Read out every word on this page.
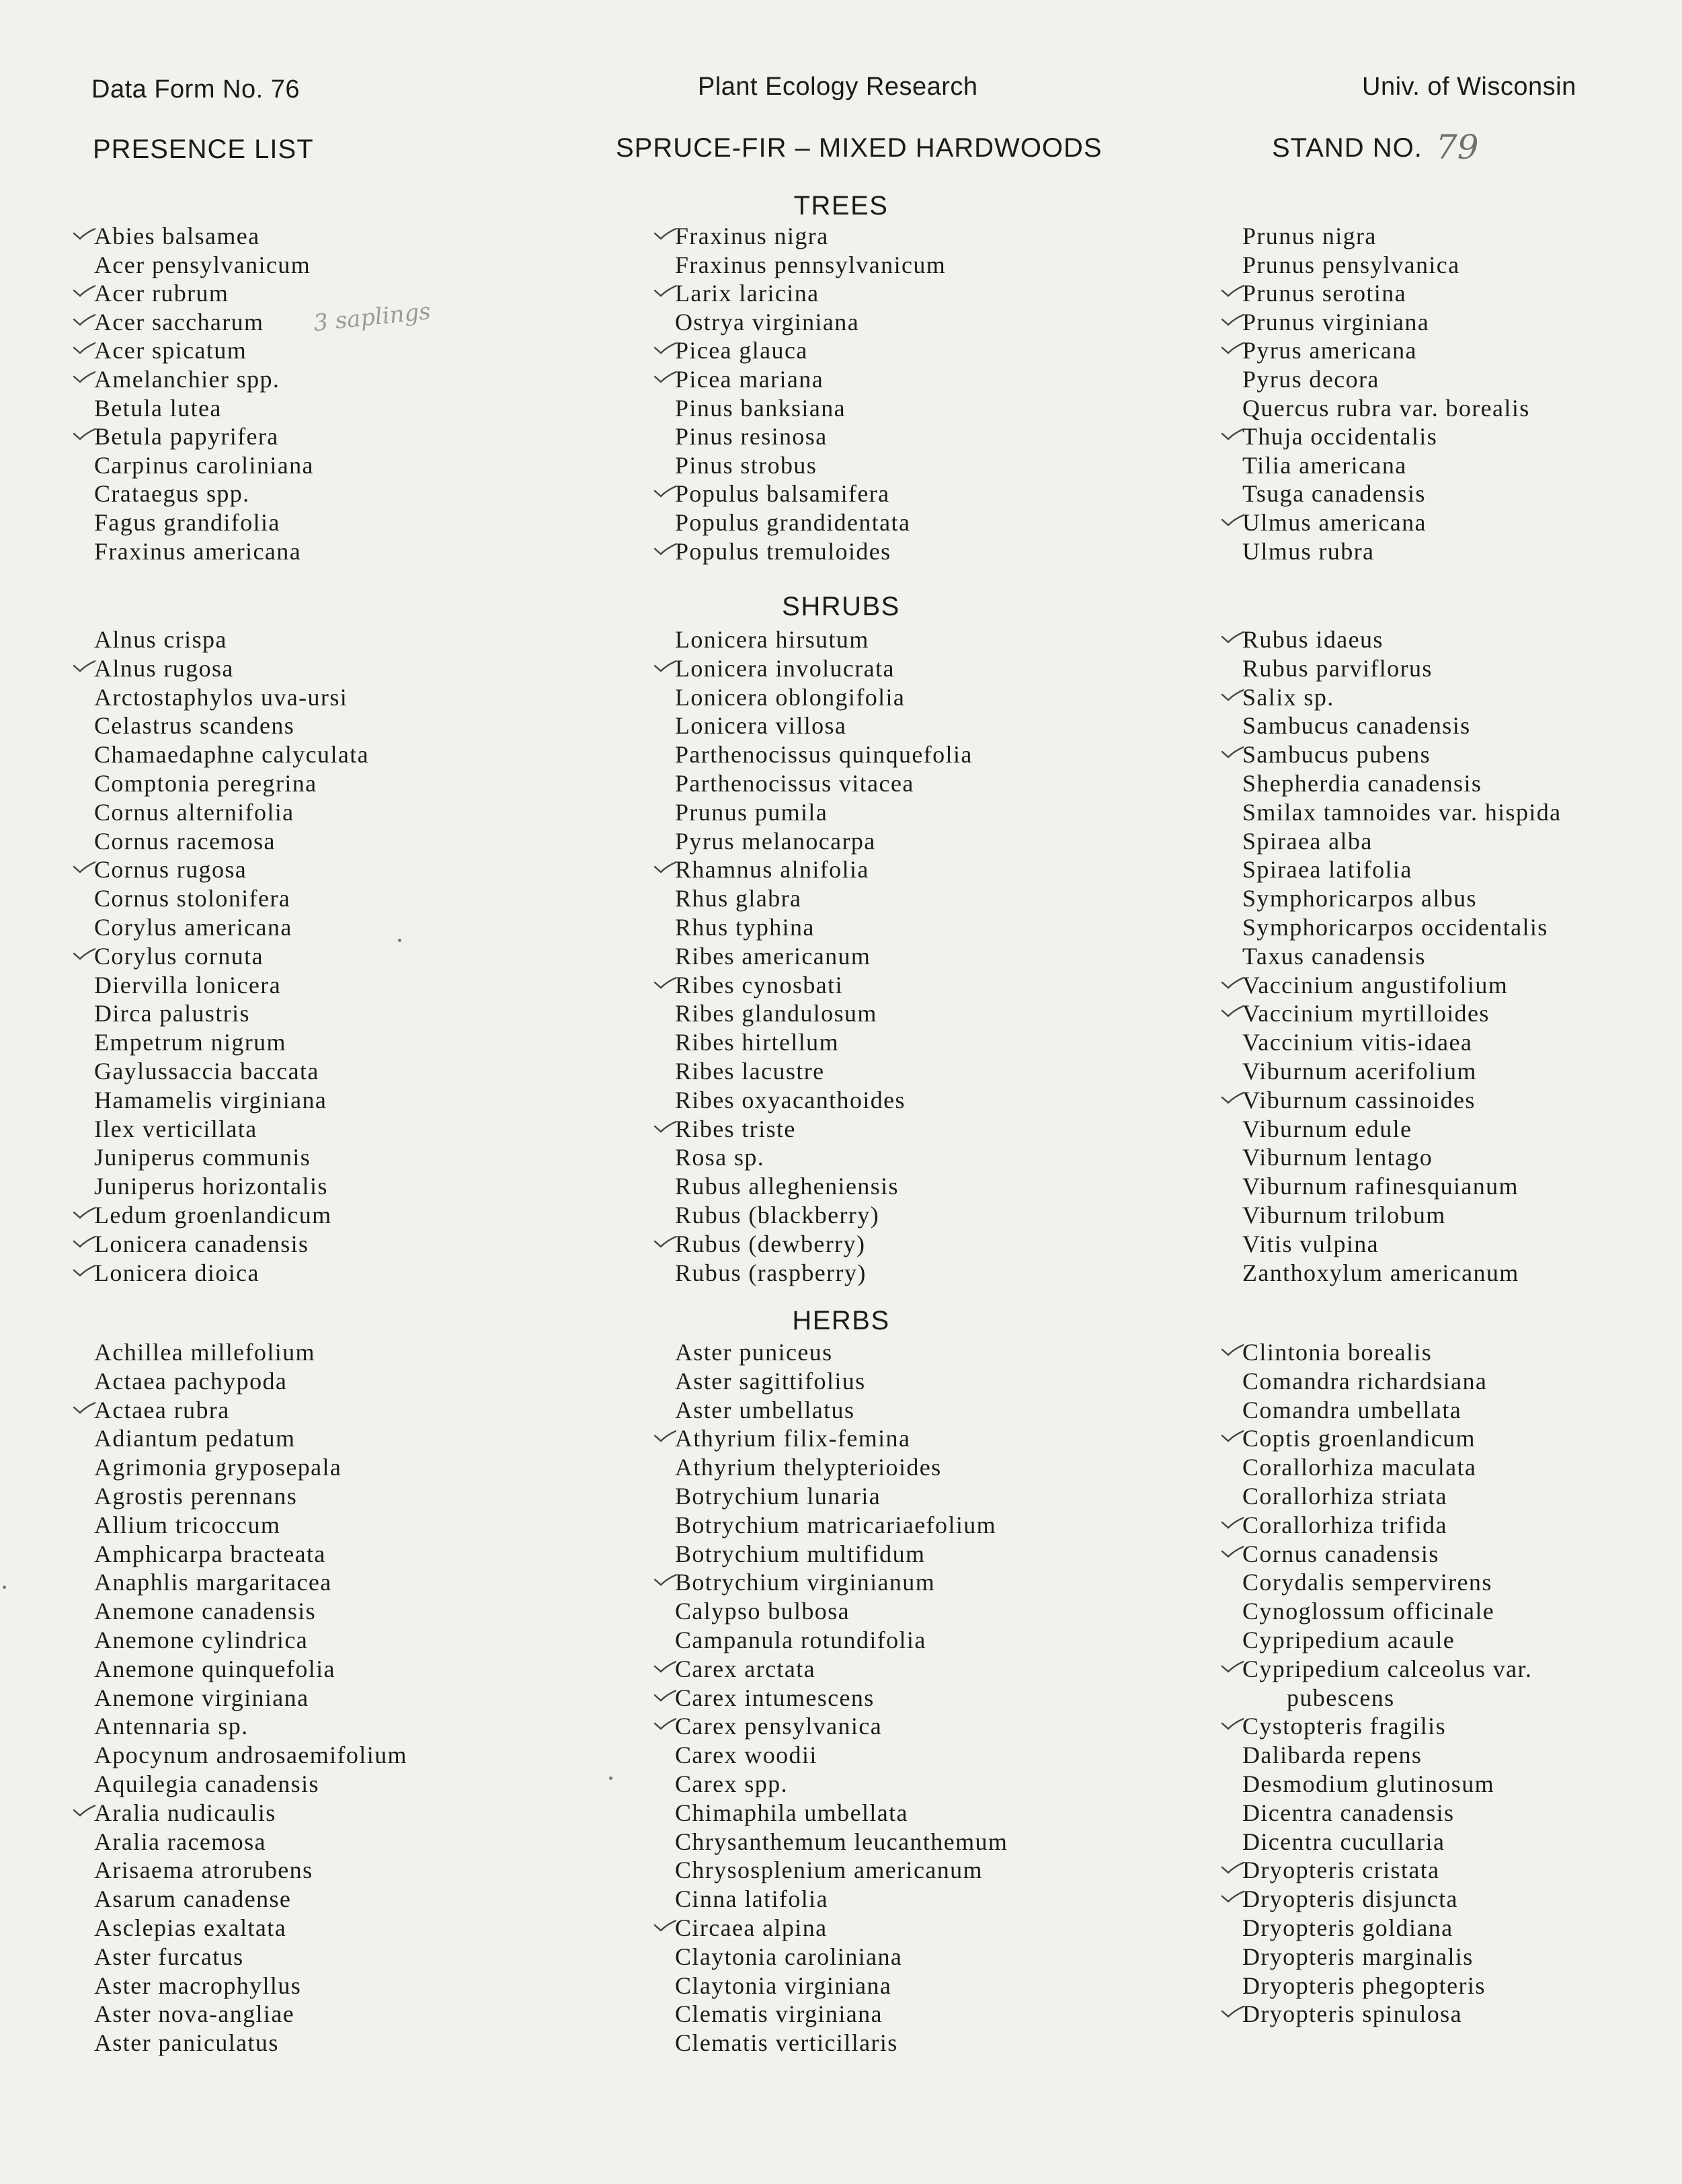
Data Form No. 76	Plant Ecology Research	Univ. of Wisconsin
PRESENCE LIST	SPRUCE-FIR – MIXED HARDWOODS	STAND NO. 79
TREES
SHRUBS
HERBS
Abies balsamea
Acer pensylvanicum
Acer rubrum
Acer saccharum
Acer spicatum
Amelanchier spp.
Betula lutea
Betula papyrifera
Carpinus caroliniana
Crataegus spp.
Fagus grandifolia
Fraxinus americana
Fraxinus nigra
Fraxinus pennsylvanicum
Larix laricina
Ostrya virginiana
Picea glauca
Picea mariana
Pinus banksiana
Pinus resinosa
Pinus strobus
Populus balsamifera
Populus grandidentata
Populus tremuloides
Prunus nigra
Prunus pensylvanica
Prunus serotina
Prunus virginiana
Pyrus americana
Pyrus decora
Quercus rubra var. borealis
Thuja occidentalis
Tilia americana
Tsuga canadensis
Ulmus americana
Ulmus rubra
Alnus crispa
Alnus rugosa
Arctostaphylos uva-ursi
Celastrus scandens
Chamaedaphne calyculata
Comptonia peregrina
Cornus alternifolia
Cornus racemosa
Cornus rugosa
Cornus stolonifera
Corylus americana
Corylus cornuta
Diervilla lonicera
Dirca palustris
Empetrum nigrum
Gaylussaccia baccata
Hamamelis virginiana
Ilex verticillata
Juniperus communis
Juniperus horizontalis
Ledum groenlandicum
Lonicera canadensis
Lonicera dioica
Lonicera hirsutum
Lonicera involucrata
Lonicera oblongifolia
Lonicera villosa
Parthenocissus quinquefolia
Parthenocissus vitacea
Prunus pumila
Pyrus melanocarpa
Rhamnus alnifolia
Rhus glabra
Rhus typhina
Ribes americanum
Ribes cynosbati
Ribes glandulosum
Ribes hirtellum
Ribes lacustre
Ribes oxyacanthoides
Ribes triste
Rosa sp.
Rubus allegheniensis
Rubus (blackberry)
Rubus (dewberry)
Rubus (raspberry)
Rubus idaeus
Rubus parviflorus
Salix sp.
Sambucus canadensis
Sambucus pubens
Shepherdia canadensis
Smilax tamnoides var. hispida
Spiraea alba
Spiraea latifolia
Symphoricarpos albus
Symphoricarpos occidentalis
Taxus canadensis
Vaccinium angustifolium
Vaccinium myrtilloides
Vaccinium vitis-idaea
Viburnum acerifolium
Viburnum cassinoides
Viburnum edule
Viburnum lentago
Viburnum rafinesquianum
Viburnum trilobum
Vitis vulpina
Zanthoxylum americanum
Achillea millefolium
Actaea pachypoda
Actaea rubra
Adiantum pedatum
Agrimonia gryposepala
Agrostis perennans
Allium tricoccum
Amphicarpa bracteata
Anaphlis margaritacea
Anemone canadensis
Anemone cylindrica
Anemone quinquefolia
Anemone virginiana
Antennaria sp.
Apocynum androsaemifolium
Aquilegia canadensis
Aralia nudicaulis
Aralia racemosa
Arisaema atrorubens
Asarum canadense
Asclepias exaltata
Aster furcatus
Aster macrophyllus
Aster nova-angliae
Aster paniculatus
Aster puniceus
Aster sagittifolius
Aster umbellatus
Athyrium filix-femina
Athyrium thelypterioides
Botrychium lunaria
Botrychium matricariaefolium
Botrychium multifidum
Botrychium virginianum
Calypso bulbosa
Campanula rotundifolia
Carex arctata
Carex intumescens
Carex pensylvanica
Carex woodii
Carex spp.
Chimaphila umbellata
Chrysanthemum leucanthemum
Chrysosplenium americanum
Cinna latifolia
Circaea alpina
Claytonia caroliniana
Claytonia virginiana
Clematis virginiana
Clematis verticillaris
Clintonia borealis
Comandra richardsiana
Comandra umbellata
Coptis groenlandicum
Corallorhiza maculata
Corallorhiza striata
Corallorhiza trifida
Cornus canadensis
Corydalis sempervirens
Cynoglossum officinale
Cypripedium acaule
Cypripedium calceolus var.
pubescens
Cystopteris fragilis
Dalibarda repens
Desmodium glutinosum
Dicentra canadensis
Dicentra cucullaria
Dryopteris cristata
Dryopteris disjuncta
Dryopteris goldiana
Dryopteris marginalis
Dryopteris phegopteris
Dryopteris spinulosa
3 saplings
